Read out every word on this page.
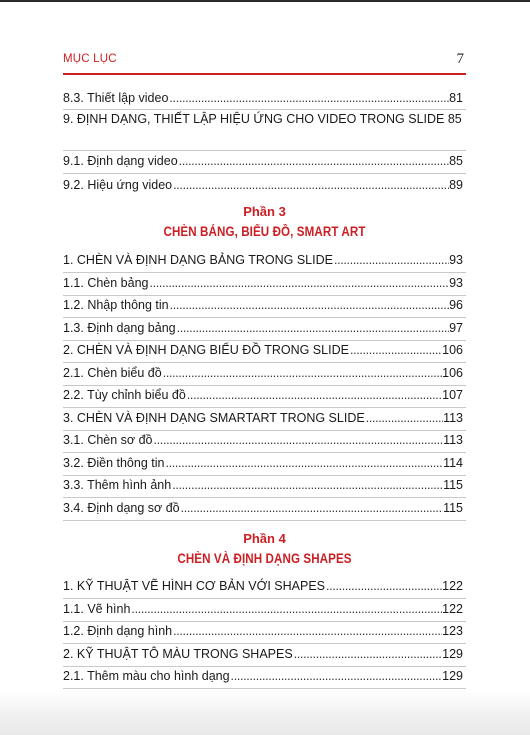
MỤC LỤC	7
8.3. Thiết lập video . . .	81
9. ĐỊNH DẠNG, THIẾT LẬP HIỆU ỨNG CHO VIDEO TRONG SLIDE 85
9.1. Định dạng video . . .	85
9.2. Hiệu ứng video . . .	89
Phần 3
CHÈN BẢNG, BIỂU ĐỒ, SMART ART
1. CHÈN VÀ ĐỊNH DẠNG BẢNG TRONG SLIDE . . .	93
1.1. Chèn bảng . . .	93
1.2. Nhập thông tin . . .	96
1.3. Định dạng bảng . . .	97
2. CHÈN VÀ ĐỊNH DẠNG BIỂU ĐỒ TRONG SLIDE . . .	106
2.1. Chèn biểu đồ . . .	106
2.2. Tùy chỉnh biểu đồ . . .	107
3. CHÈN VÀ ĐỊNH DẠNG SMARTART TRONG SLIDE . . .	113
3.1. Chèn sơ đồ . . .	113
3.2. Điền thông tin . . .	114
3.3. Thêm hình ảnh . . .	115
3.4. Định dạng sơ đồ . . .	115
Phần 4
CHÈN VÀ ĐỊNH DẠNG SHAPES
1. KỸ THUẬT VẼ HÌNH CƠ BẢN VỚI SHAPES . . .	122
1.1. Vẽ hình . . .	122
1.2. Định dạng hình . . .	123
2. KỸ THUẬT TÔ MÀU TRONG SHAPES . . .	129
2.1. Thêm màu cho hình dạng . . .	129
